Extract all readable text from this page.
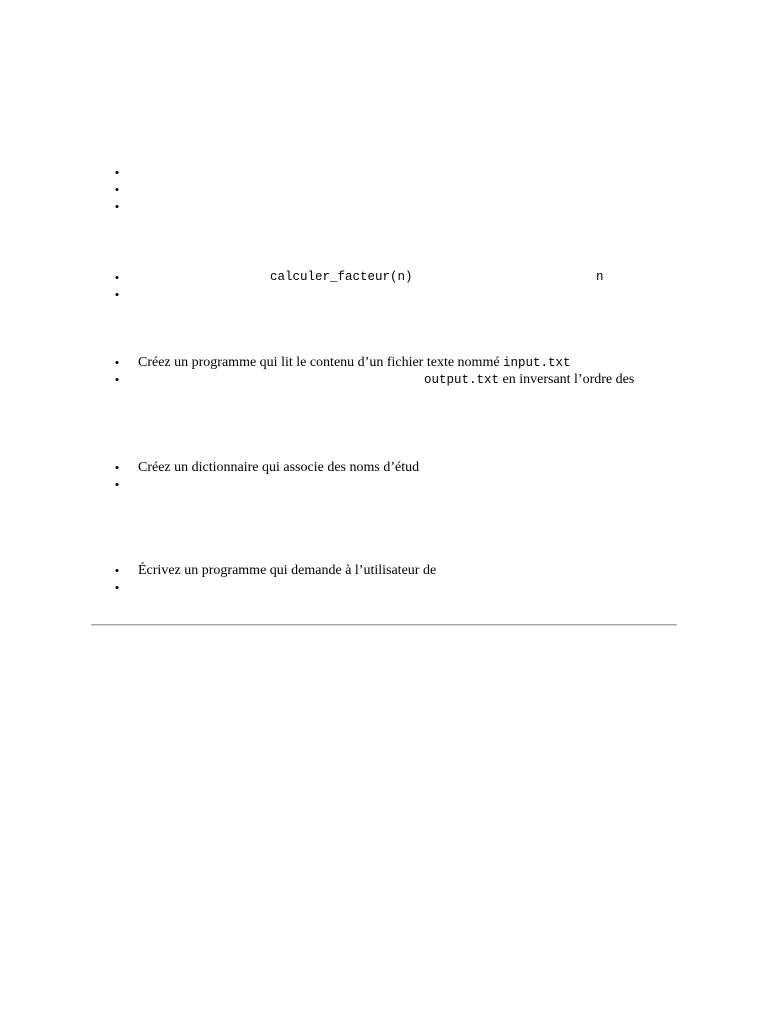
•
•
•
•	calculer_facteur(n)	n
•
• Créez un programme qui lit le contenu d’un fichier texte nommé input.txt
•	output.txt en inversant l’ordre des
• Créez un dictionnaire qui associe des noms d’étud
•
• Écrivez un programme qui demande à l’utilisateur de
•
